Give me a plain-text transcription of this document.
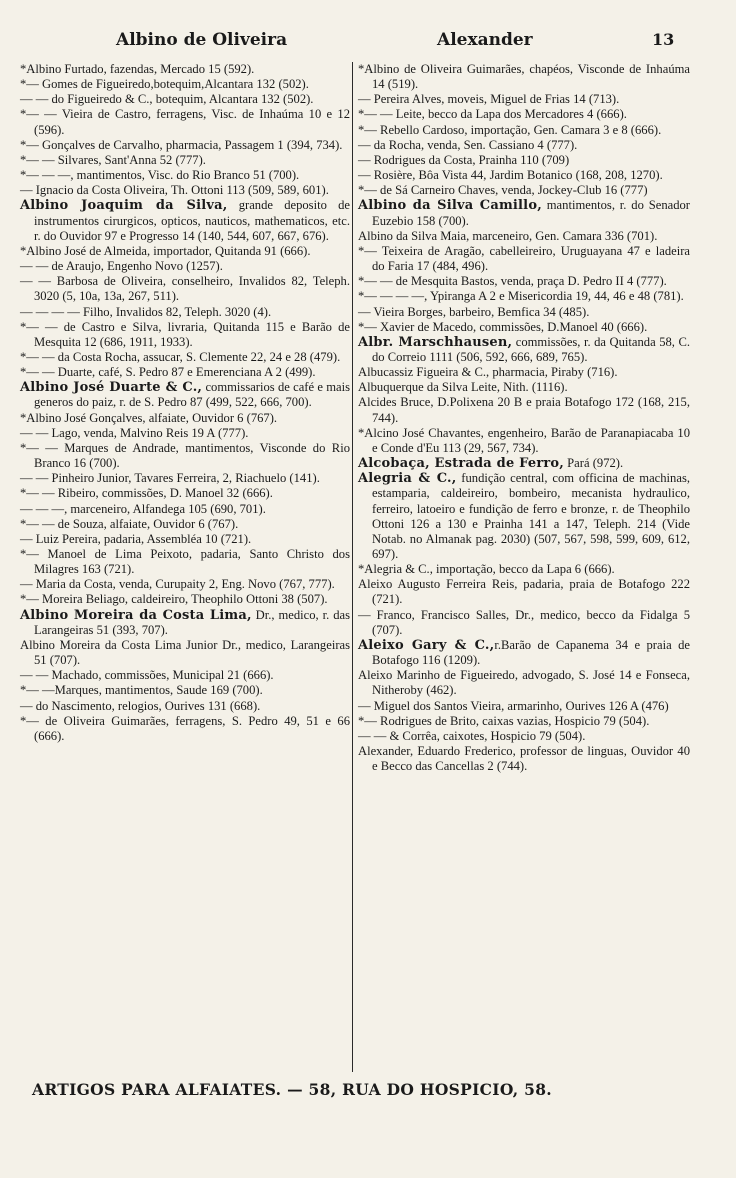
Albino de Oliveira	Alexander	13

*Albino Furtado, fazendas, Mercado 15 (592).

*— Gomes de Figueiredo,botequim,Alcantara 132 (502).

— — do Figueiredo & C., botequim, Alcantara 132 (502).

*— — Vieira de Castro, ferragens, Visc. de Inhaúma 10 e 12 (596).

*— Gonçalves de Carvalho, pharmacia, Passagem 1 (394, 734).

*— — Silvares, Sant'Anna 52 (777).

*— — —, mantimentos, Visc. do Rio Branco 51 (700).

— Ignacio da Costa Oliveira, Th. Ottoni 113 (509, 589, 601).

Albino Joaquim da Silva, grande deposito de instrumentos cirurgicos, opticos, nauticos, mathematicos, etc. r. do Ouvidor 97 e Progresso 14 (140, 544, 607, 667, 676).

*Albino José de Almeida, importador, Quitanda 91 (666).

— — de Araujo, Engenho Novo (1257).

— — Barbosa de Oliveira, conselheiro, Invalidos 82, Teleph. 3020 (5, 10a, 13a, 267, 511).

— — — — Filho, Invalidos 82, Teleph. 3020 (4).

*— — de Castro e Silva, livraria, Quitanda 115 e Barão de Mesquita 12 (686, 1911, 1933).

*— — da Costa Rocha, assucar, S. Clemente 22, 24 e 28 (479).

*— — Duarte, café, S. Pedro 87 e Emerenciana A 2 (499).

Albino José Duarte & C., commissarios de café e mais generos do paiz, r. de S. Pedro 87 (499, 522, 666, 700).

*Albino José Gonçalves, alfaiate, Ouvidor 6 (767).

— — Lago, venda, Malvino Reis 19 A (777).

*— — Marques de Andrade, mantimentos, Visconde do Rio Branco 16 (700).

— — Pinheiro Junior, Tavares Ferreira, 2, Riachuelo (141).

*— — Ribeiro, commissões, D. Manoel 32 (666).

— — —, marceneiro, Alfandega 105 (690, 701).

*— — de Souza, alfaiate, Ouvidor 6 (767).

— Luiz Pereira, padaria, Assembléa 10 (721).

*— Manoel de Lima Peixoto, padaria, Santo Christo dos Milagres 163 (721).

— Maria da Costa, venda, Curupaity 2, Eng. Novo (767, 777).

*— Moreira Beliago, caldeireiro, Theophilo Ottoni 38 (507).

Albino Moreira da Costa Lima, Dr., medico, r. das Larangeiras 51 (393, 707).

Albino Moreira da Costa Lima Junior Dr., medico, Larangeiras 51 (707).

— — Machado, commissões, Municipal 21 (666).

*— —Marques, mantimentos, Saude 169 (700).

— do Nascimento, relogios, Ourives 131 (668).

*— de Oliveira Guimarães, ferragens, S. Pedro 49, 51 e 66 (666).

*Albino de Oliveira Guimarães, chapéos, Visconde de Inhaúma 14 (519).

— Pereira Alves, moveis, Miguel de Frias 14 (713).

*— — Leite, becco da Lapa dos Mercadores 4 (666).

*— Rebello Cardoso, importação, Gen. Camara 3 e 8 (666).

— da Rocha, venda, Sen. Cassiano 4 (777).

— Rodrigues da Costa, Prainha 110 (709)

— Rosière, Bôa Vista 44, Jardim Botanico (168, 208, 1270).

*— de Sá Carneiro Chaves, venda, Jockey-Club 16 (777)

Albino da Silva Camillo, mantimentos, r. do Senador Euzebio 158 (700).

Albino da Silva Maia, marceneiro, Gen. Camara 336 (701).

*— Teixeira de Aragão, cabelleireiro, Uruguayana 47 e ladeira do Faria 17 (484, 496).

*— — de Mesquita Bastos, venda, praça D. Pedro II 4 (777).

*— — — —, Ypiranga A 2 e Misericordia 19, 44, 46 e 48 (781).

— Vieira Borges, barbeiro, Bemfica 34 (485).

*— Xavier de Macedo, commissões, D.Manoel 40 (666).

Albr. Marschhausen, commissões, r. da Quitanda 58, C. do Correio 1111 (506, 592, 666, 689, 765).

Albucassiz Figueira & C., pharmacia, Piraby (716).

Albuquerque da Silva Leite, Nith. (1116).

Alcides Bruce, D.Polixena 20 B e praia Botafogo 172 (168, 215, 744).

*Alcino José Chavantes, engenheiro, Barão de Paranapiacaba 10 e Conde d'Eu 113 (29, 567, 734).

Alcobaça, Estrada de Ferro, Pará (972).

Alegria & C., fundição central, com officina de machinas, estamparia, caldeireiro, bombeiro, mecanista hydraulico, ferreiro, latoeiro e fundição de ferro e bronze, r. de Theophilo Ottoni 126 a 130 e Prainha 141 a 147, Teleph. 214 (Vide Notab. no Almanak pag. 2030) (507, 567, 598, 599, 609, 612, 697).

*Alegria & C., importação, becco da Lapa 6 (666).

Aleixo Augusto Ferreira Reis, padaria, praia de Botafogo 222 (721).

— Franco, Francisco Salles, Dr., medico, becco da Fidalga 5 (707).

Aleixo Gary & C.,r.Barão de Capanema 34 e praia de Botafogo 116 (1209).

Aleixo Marinho de Figueiredo, advogado, S. José 14 e Fonseca, Nitheroby (462).

— Miguel dos Santos Vieira, armarinho, Ourives 126 A (476)

*— Rodrigues de Brito, caixas vazias, Hospicio 79 (504).

— — & Corrêa, caixotes, Hospicio 79 (504).

Alexander, Eduardo Frederico, professor de linguas, Ouvidor 40 e Becco das Cancellas 2 (744).

ARTIGOS PARA ALFAIATES. — 58, RUA DO HOSPICIO, 58.
